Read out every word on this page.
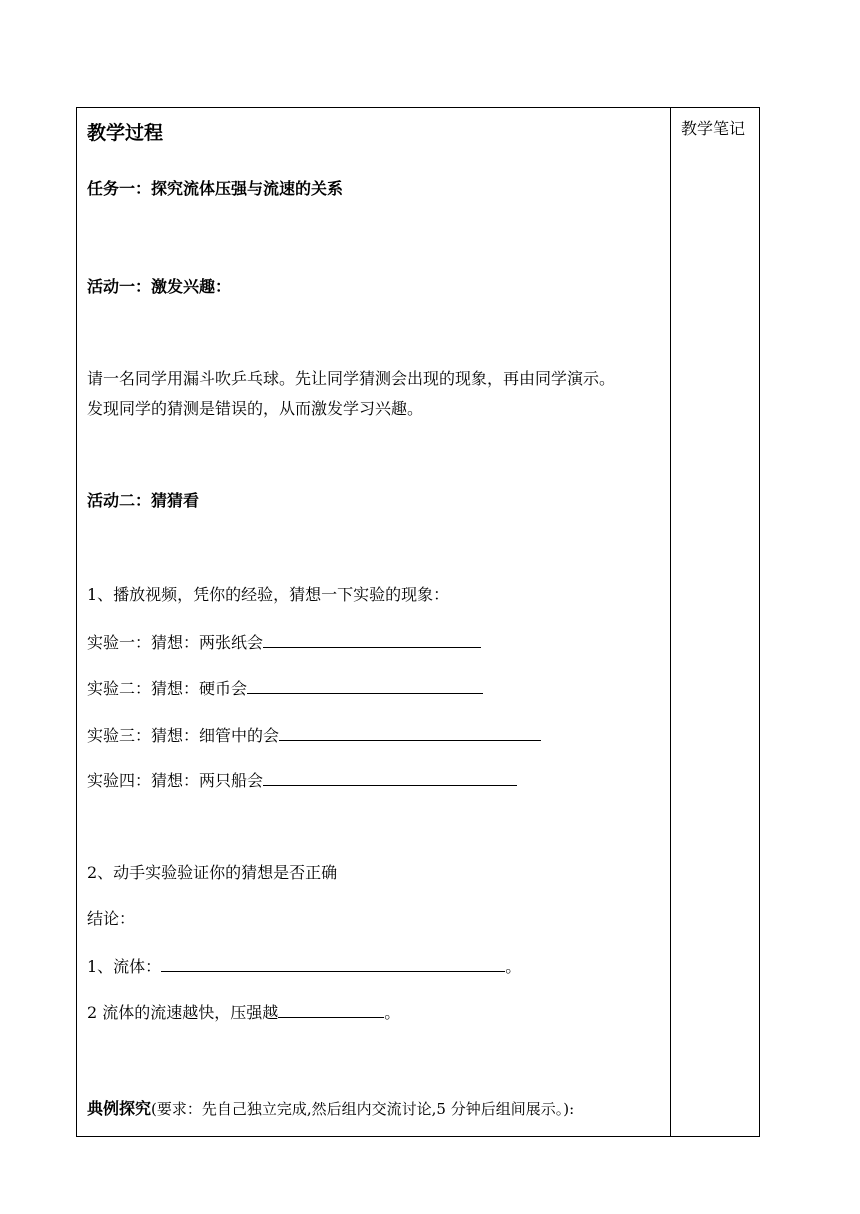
教学笔记
教学过程
任务一：探究流体压强与流速的关系
活动一：激发兴趣：
请一名同学用漏斗吹乒乓球。先让同学猜测会出现的现象，再由同学演示。
发现同学的猜测是错误的，从而激发学习兴趣。
活动二：猜猜看
1、播放视频，凭你的经验，猜想一下实验的现象：
实验一：猜想：两张纸会
实验二：猜想：硬币会
实验三：猜想：细管中的会
实验四：猜想：两只船会
2、动手实验验证你的猜想是否正确
结论：
1、流体：	。
2 流体的流速越快，压强越	。
典例探究(要求：先自己独立完成,然后组内交流讨论,5 分钟后组间展示。):
